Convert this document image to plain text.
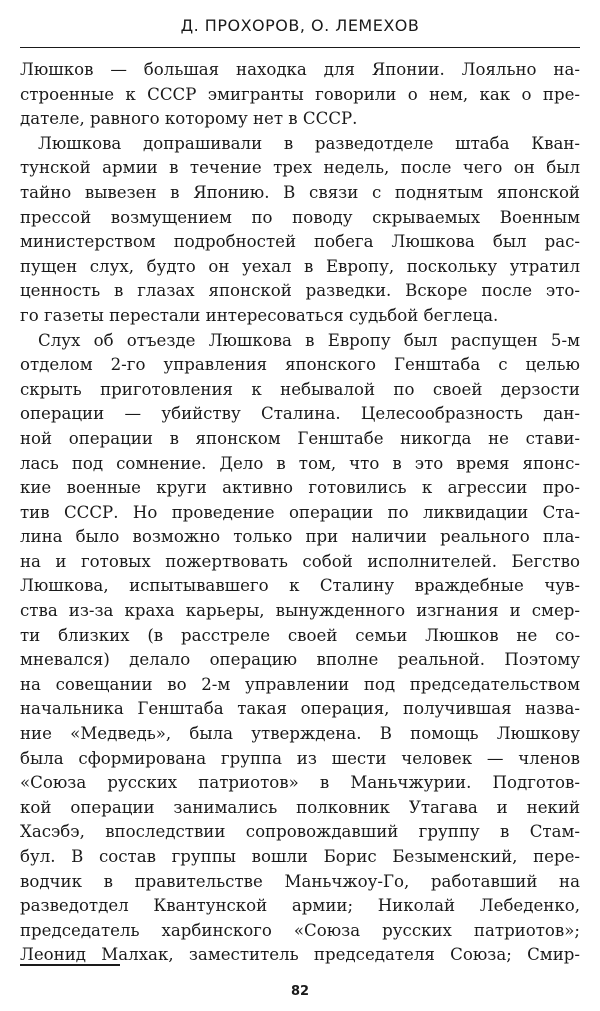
Д. ПРОХОРОВ, О. ЛЕМЕХОВ
Люшков — большая находка для Японии. Лояльно на-
строенные к СССР эмигранты говорили о нем, как о пре-
дателе, равного которому нет в СССР.
Люшкова допрашивали в разведотделе штаба Кван-
тунской армии в течение трех недель, после чего он был
тайно вывезен в Японию. В связи с поднятым японской
прессой возмущением по поводу скрываемых Военным
министерством подробностей побега Люшкова был рас-
пущен слух, будто он уехал в Европу, поскольку утратил
ценность в глазах японской разведки. Вскоре после это-
го газеты перестали интересоваться судьбой беглеца.
Слух об отъезде Люшкова в Европу был распущен 5-м
отделом 2-го управления японского Генштаба с целью
скрыть приготовления к небывалой по своей дерзости
операции — убийству Сталина. Целесообразность дан-
ной операции в японском Генштабе никогда не стави-
лась под сомнение. Дело в том, что в это время японс-
кие военные круги активно готовились к агрессии про-
тив СССР. Но проведение операции по ликвидации Ста-
лина было возможно только при наличии реального пла-
на и готовых пожертвовать собой исполнителей. Бегство
Люшкова, испытывавшего к Сталину враждебные чув-
ства из-за краха карьеры, вынужденного изгнания и смер-
ти близких (в расстреле своей семьи Люшков не со-
мневался) делало операцию вполне реальной. Поэтому
на совещании во 2-м управлении под председательством
начальника Генштаба такая операция, получившая назва-
ние «Медведь», была утверждена. В помощь Люшкову
была сформирована группа из шести человек — членов
«Союза русских патриотов» в Маньчжурии. Подготов-
кой операции занимались полковник Утагава и некий
Хасэбэ, впоследствии сопровождавший группу в Стам-
бул. В состав группы вошли Борис Безыменский, пере-
водчик в правительстве Маньчжоу-Го, работавший на
разведотдел Квантунской армии; Николай Лебеденко,
председатель харбинского «Союза русских патриотов»;
Леонид Малхак, заместитель председателя Союза; Смир-
82
